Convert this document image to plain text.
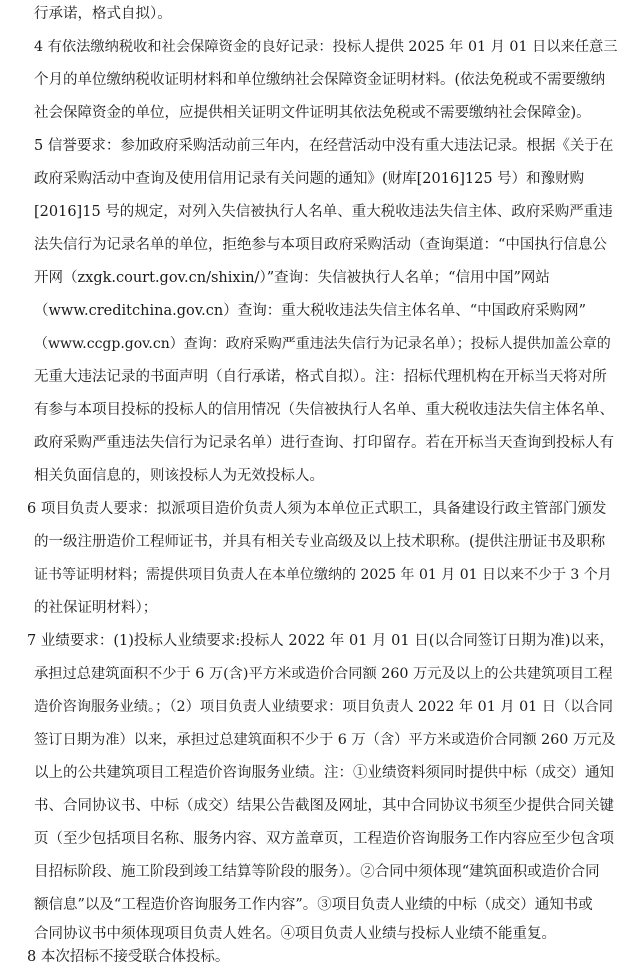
行承诺，格式自拟）。

4 有依法缴纳税收和社会保障资金的良好记录：投标人提供 2025 年 01 月 01 日以来任意三

个月的单位缴纳税收证明材料和单位缴纳社会保障资金证明材料。(依法免税或不需要缴纳

社会保障资金的单位，应提供相关证明文件证明其依法免税或不需要缴纳社会保障金)。

5 信誉要求：参加政府采购活动前三年内，在经营活动中没有重大违法记录。根据《关于在

政府采购活动中查询及使用信用记录有关问题的通知》(财库[2016]125 号）和豫财购

[2016]15 号的规定，对列入失信被执行人名单、重大税收违法失信主体、政府采购严重违

法失信行为记录名单的单位，拒绝参与本项目政府采购活动（查询渠道：“中国执行信息公

开网（zxgk.court.gov.cn/shixin/）”查询：失信被执行人名单；“信用中国”网站

（www.creditchina.gov.cn）查询：重大税收违法失信主体名单、“中国政府采购网”

（www.ccgp.gov.cn）查询：政府采购严重违法失信行为记录名单）；投标人提供加盖公章的

无重大违法记录的书面声明（自行承诺，格式自拟）。注：招标代理机构在开标当天将对所

有参与本项目投标的投标人的信用情况（失信被执行人名单、重大税收违法失信主体名单、

政府采购严重违法失信行为记录名单）进行查询、打印留存。若在开标当天查询到投标人有

相关负面信息的，则该投标人为无效投标人。

6 项目负责人要求：拟派项目造价负责人须为本单位正式职工，具备建设行政主管部门颁发

的一级注册造价工程师证书，并具有相关专业高级及以上技术职称。(提供注册证书及职称

证书等证明材料；需提供项目负责人在本单位缴纳的 2025 年 01 月 01 日以来不少于 3 个月

的社保证明材料）；

7 业绩要求：(1)投标人业绩要求:投标人 2022 年 01 月 01 日(以合同签订日期为准)以来，

承担过总建筑面积不少于 6 万(含)平方米或造价合同额 260 万元及以上的公共建筑项目工程

造价咨询服务业绩。；（2）项目负责人业绩要求：项目负责人 2022 年 01 月 01 日（以合同

签订日期为准）以来，承担过总建筑面积不少于 6 万（含）平方米或造价合同额 260 万元及

以上的公共建筑项目工程造价咨询服务业绩。注：①业绩资料须同时提供中标（成交）通知

书、合同协议书、中标（成交）结果公告截图及网址，其中合同协议书须至少提供合同关键

页（至少包括项目名称、服务内容、双方盖章页，工程造价咨询服务工作内容应至少包含项

目招标阶段、施工阶段到竣工结算等阶段的服务）。②合同中须体现“建筑面积或造价合同

额信息”以及“工程造价咨询服务工作内容”。③项目负责人业绩的中标（成交）通知书或

合同协议书中须体现项目负责人姓名。④项目负责人业绩与投标人业绩不能重复。

8 本次招标不接受联合体投标。
